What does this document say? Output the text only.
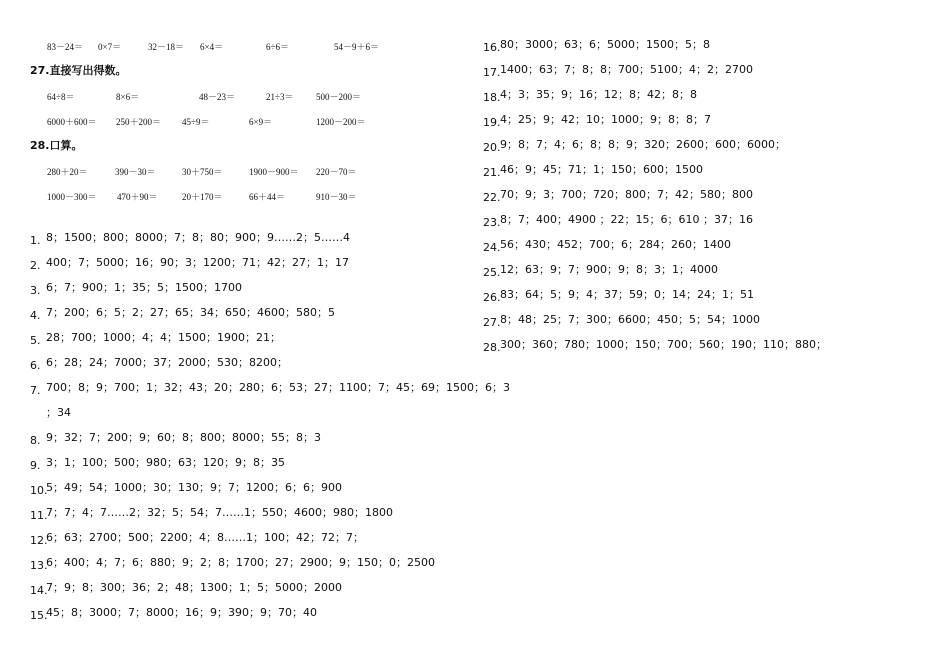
83－24＝ 0×7＝	32－18＝ 6×4＝	6÷6＝	54－9＋6＝
27.直接写出得数。
64÷8＝	8×6＝	48－23＝	21÷3＝	500－200＝
6000＋600＝ 250＋200＝ 45÷9＝	6×9＝	1200－200＝
28.口算。
280＋20＝	390－30＝	30＋750＝	1900－900＝ 220－70＝
1000－300＝ 470＋90＝	20＋170＝	66＋44＝	910－30＝
1. 8；1500；800；8000；7；8；80；900；9……2；5……4
2. 400；7；5000；16；90；3；1200；71；42；27；1；17
3. 6；7；900；1；35；5；1500；1700
4. 7；200；6；5；2；27；65；34；650；4600；580；5
5. 28；700；1000；4；4；1500；1900；21；
6. 6；28；24；7000；37；2000；530；8200；
7. 700；8；9；700；1；32；43；20；280；6；53；27；1100；7；45；69；1500；6；3
；34
8. 9；32；7；200；9；60；8；800；8000；55；8；3
9. 3；1；100；500；980；63；120；9；8；35
10.
5；49；54；1000；30；130；9；7；1200；6；6；900
11.
7；7；4；7……2；32；5；54；7……1；550；4600；980；1800
12.
6；63；2700；500；2200；4；8……1；100；42；72；7；
13.
6；400；4；7；6；880；9；2；8；1700；27；2900；9；150；0；2500
14.
7；9；8；300；36；2；48；1300；1；5；5000；2000
15.
45；8；3000；7；8000；16；9；390；9；70；40
16. 80；3000；63；6；5000；1500；5；8
17. 1400；63；7；8；8；700；5100；4；2；2700
18. 4；3；35；9；16；12；8；42；8；8
19. 4；25；9；42；10；1000；9；8；8；7
20. 9；8；7；4；6；8；8；9；320；2600；600；6000；
21. 46；9；45；71；1；150；600；1500
22. 70；9；3；700；720；800；7；42；580；800
23. 8；7；400；4900 ；22；15；6；610 ；37；16
24. 56；430；452；700；6；284；260；1400
25. 12；63；9；7；900；9；8；3；1；4000
26. 83；64；5；9；4；37；59；0；14；24；1；51
27. 8；48；25；7；300；6600；450；5；54；1000
28. 300；360；780；1000；150；700；560；190；110；880；
